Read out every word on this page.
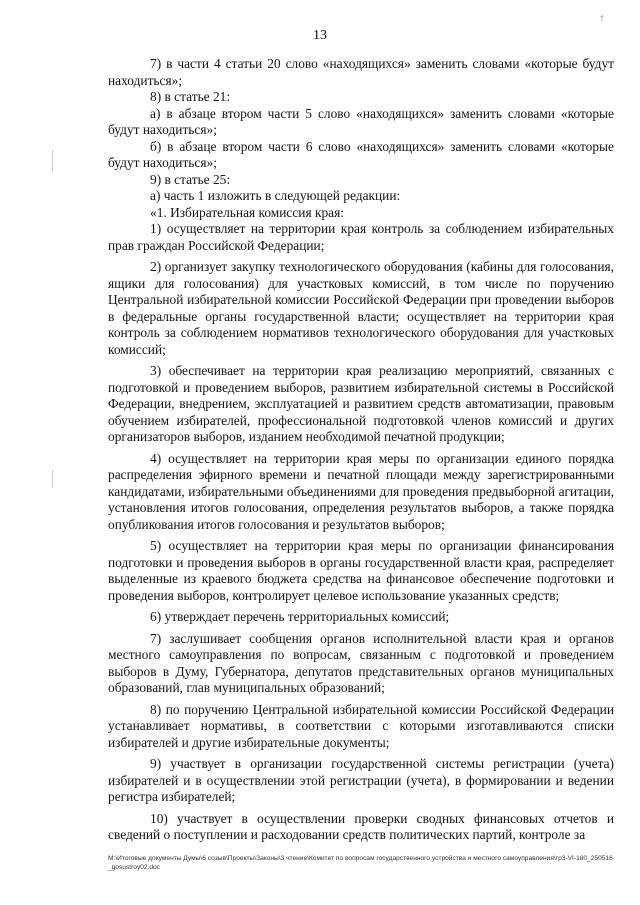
†
13

7) в части 4 статьи 20 слово «находящихся» заменить словами «которые будут находиться»;

8) в статье 21:

а) в абзаце втором части 5 слово «находящихся» заменить словами «которые будут находиться»;

б) в абзаце втором части 6 слово «находящихся» заменить словами «которые будут находиться»;

9) в статье 25:

а) часть 1 изложить в следующей редакции:

«1. Избирательная комиссия края:

1) осуществляет на территории края контроль за соблюдением избирательных прав граждан Российской Федерации;

2) организует закупку технологического оборудования (кабины для голосования, ящики для голосования) для участковых комиссий, в том числе по поручению Центральной избирательной комиссии Российской Федерации при проведении выборов в федеральные органы государственной власти; осуществляет на территории края контроль за соблюдением нормативов технологического оборудования для участковых комиссий;

3) обеспечивает на территории края реализацию мероприятий, связанных с подготовкой и проведением выборов, развитием избирательной системы в Российской Федерации, внедрением, эксплуатацией и развитием средств автоматизации, правовым обучением избирателей, профессиональной подготовкой членов комиссий и других организаторов выборов, изданием необходимой печатной продукции;

4) осуществляет на территории края меры по организации единого порядка распределения эфирного времени и печатной площади между зарегистрированными кандидатами, избирательными объединениями для проведения предвыборной агитации, установления итогов голосования, определения результатов выборов, а также порядка опубликования итогов голосования и результатов выборов;

5) осуществляет на территории края меры по организации финансирования подготовки и проведения выборов в органы государственной власти края, распределяет выделенные из краевого бюджета средства на финансовое обеспечение подготовки и проведения выборов, контролирует целевое использование указанных средств;

6) утверждает перечень территориальных комиссий;

7) заслушивает сообщения органов исполнительной власти края и органов местного самоуправления по вопросам, связанным с подготовкой и проведением выборов в Думу, Губернатора, депутатов представительных органов муниципальных образований, глав муниципальных образований;

8) по поручению Центральной избирательной комиссии Российской Федерации устанавливает нормативы, в соответствии с которыми изготавливаются списки избирателей и другие избирательные документы;

9) участвует в организации государственной системы регистрации (учета) избирателей и в осуществлении этой регистрации (учета), в формировании и ведении регистра избирателей;

10) участвует в осуществлении проверки сводных финансовых отчетов и сведений о поступлении и расходовании средств политических партий, контроле за

М:\Итоговые документы Думы\6 созыв\Проекты\Законы\3 чтение\Комитет по вопросам государственного устройства и местного самоуправления\гр3-VI-180_250516_gosustroy02.doc
